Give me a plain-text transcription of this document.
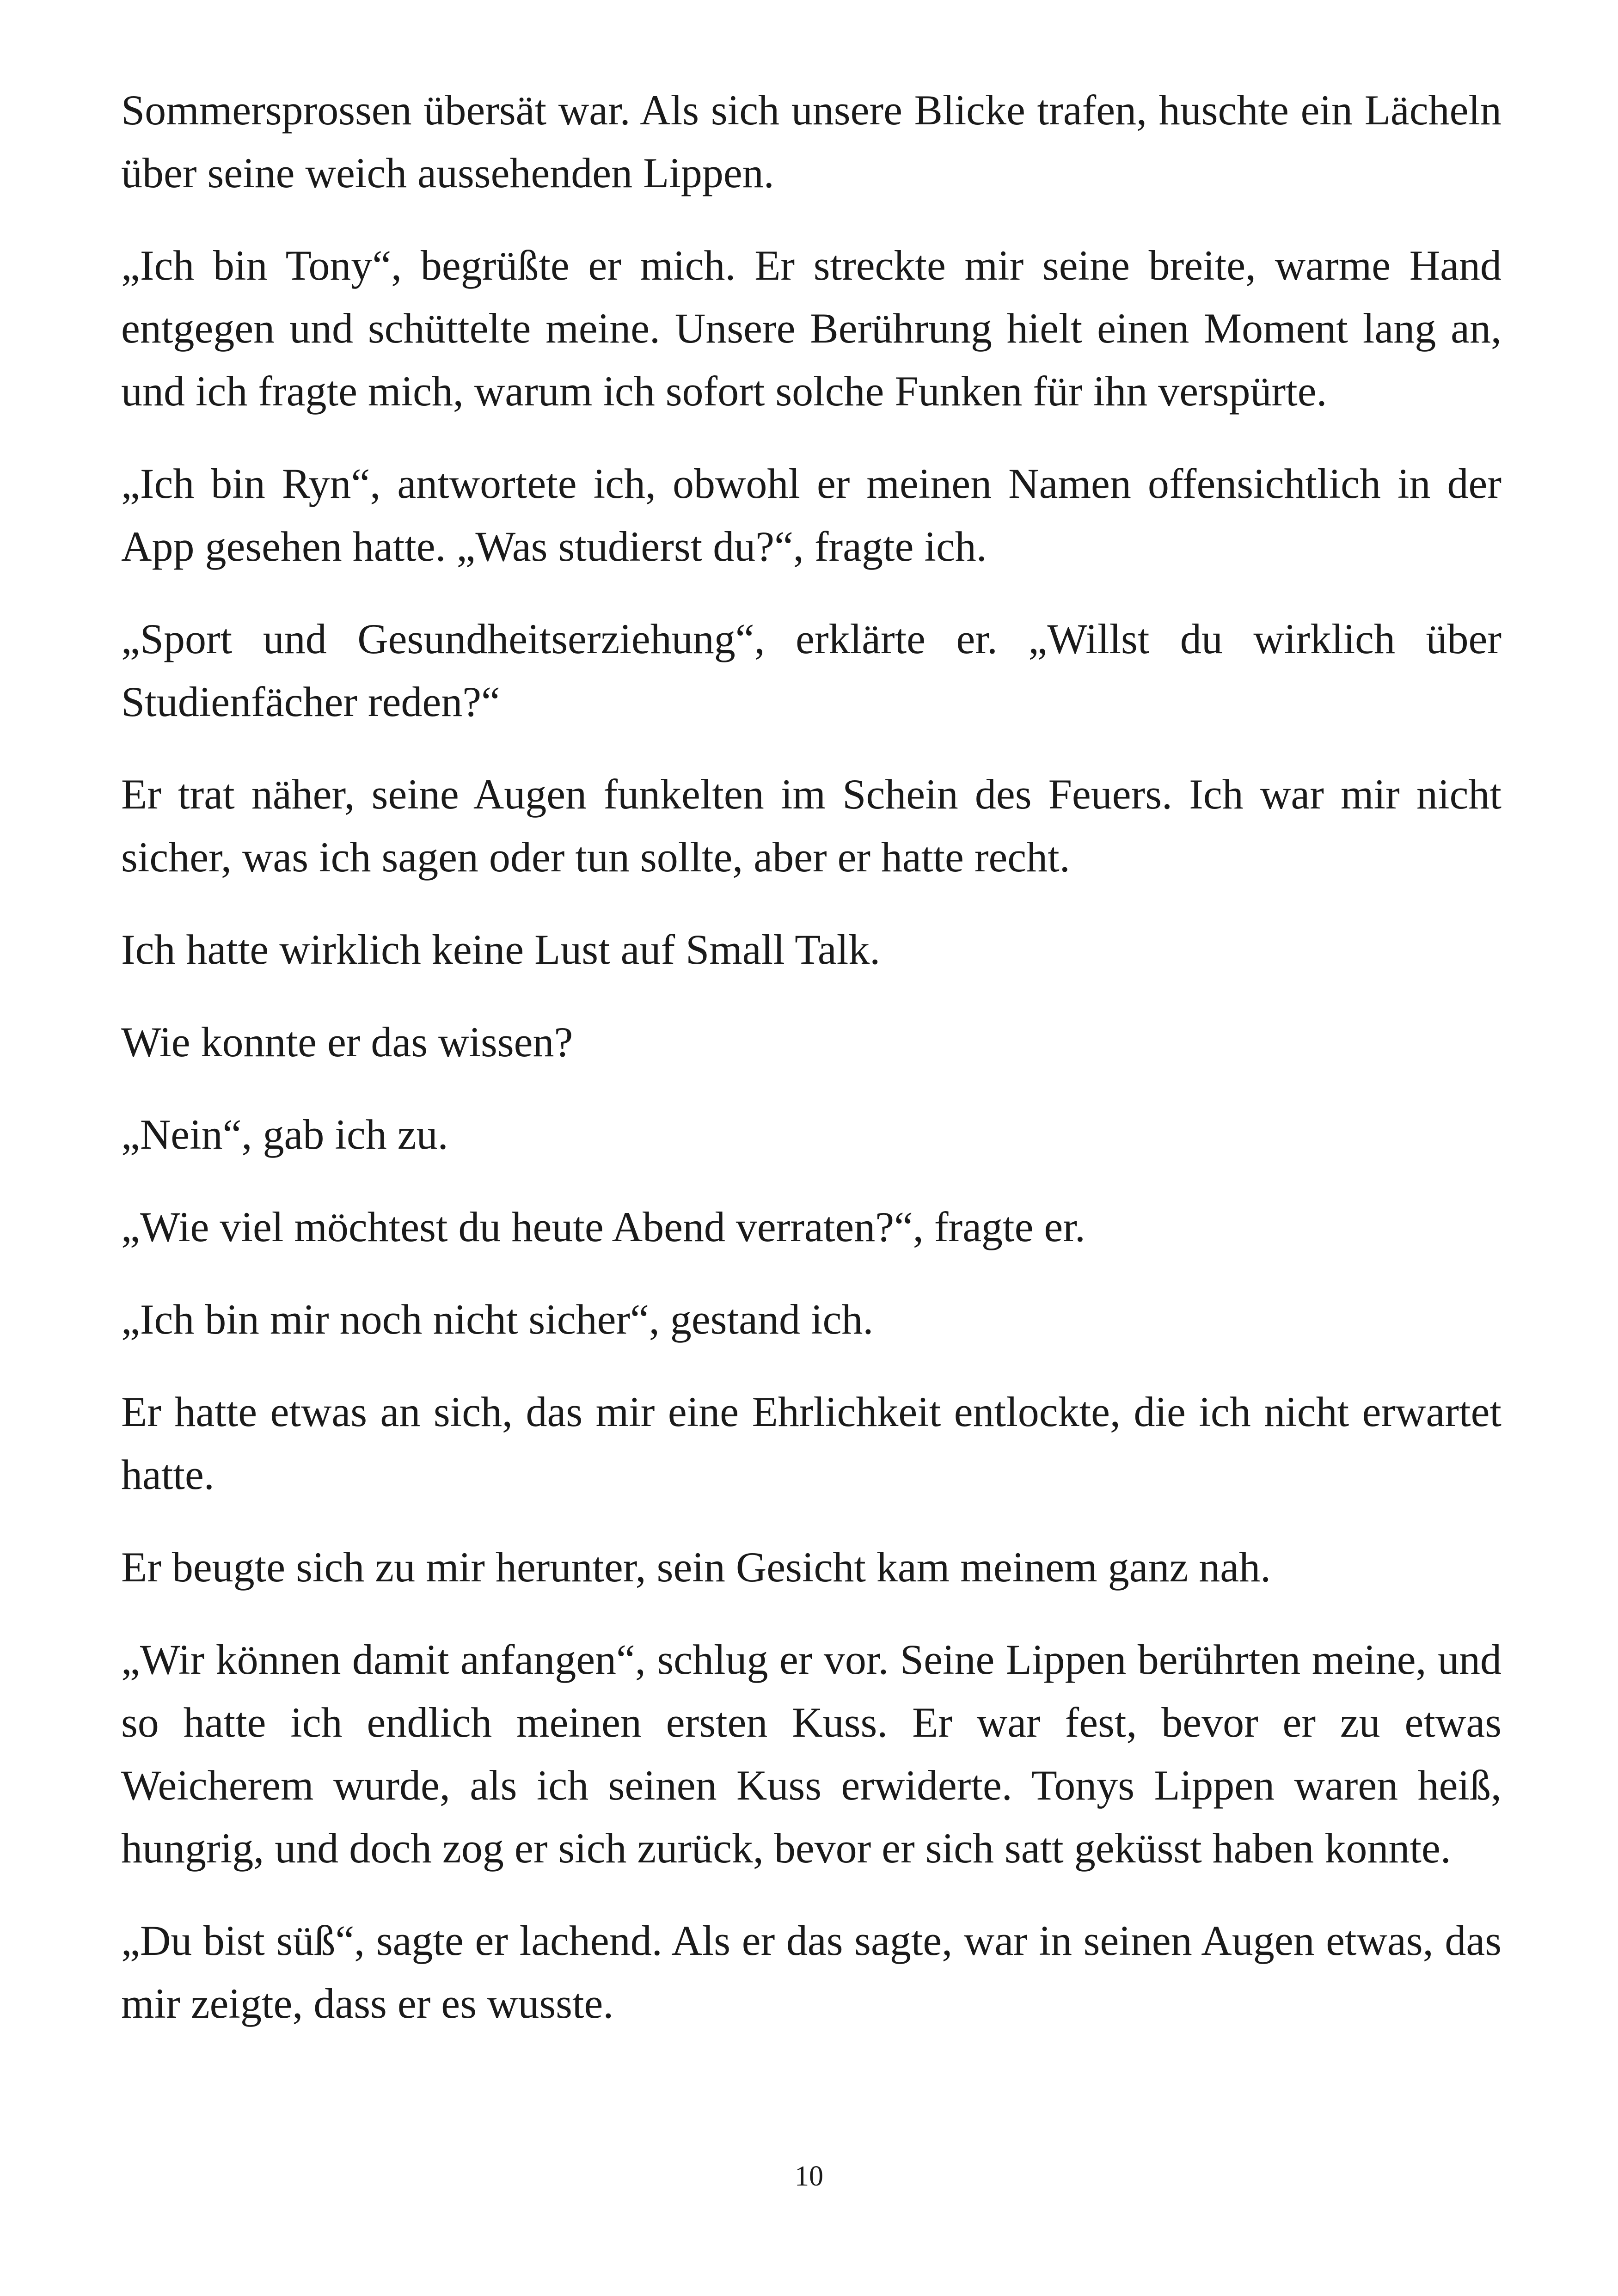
Sommersprossen übersät war. Als sich unsere Blicke trafen, huschte ein Lächeln über seine weich aussehenden Lippen.

„Ich bin Tony“, begrüßte er mich. Er streckte mir seine breite, warme Hand entgegen und schüttelte meine. Unsere Berührung hielt einen Moment lang an, und ich fragte mich, warum ich sofort solche Funken für ihn verspürte.

„Ich bin Ryn“, antwortete ich, obwohl er meinen Namen offensichtlich in der App gesehen hatte. „Was studierst du?“, fragte ich.

„Sport und Gesundheitserziehung“, erklärte er. „Willst du wirklich über Studienfächer reden?“

Er trat näher, seine Augen funkelten im Schein des Feuers. Ich war mir nicht sicher, was ich sagen oder tun sollte, aber er hatte recht.

Ich hatte wirklich keine Lust auf Small Talk.

Wie konnte er das wissen?

„Nein“, gab ich zu.

„Wie viel möchtest du heute Abend verraten?“, fragte er.

„Ich bin mir noch nicht sicher“, gestand ich.

Er hatte etwas an sich, das mir eine Ehrlichkeit entlockte, die ich nicht erwartet hatte.

Er beugte sich zu mir herunter, sein Gesicht kam meinem ganz nah.

„Wir können damit anfangen“, schlug er vor. Seine Lippen berührten meine, und so hatte ich endlich meinen ersten Kuss. Er war fest, bevor er zu etwas Weicherem wurde, als ich seinen Kuss erwiderte. Tonys Lippen waren heiß, hungrig, und doch zog er sich zurück, bevor er sich satt geküsst haben konnte.

„Du bist süß“, sagte er lachend. Als er das sagte, war in seinen Augen etwas, das mir zeigte, dass er es wusste.

10
